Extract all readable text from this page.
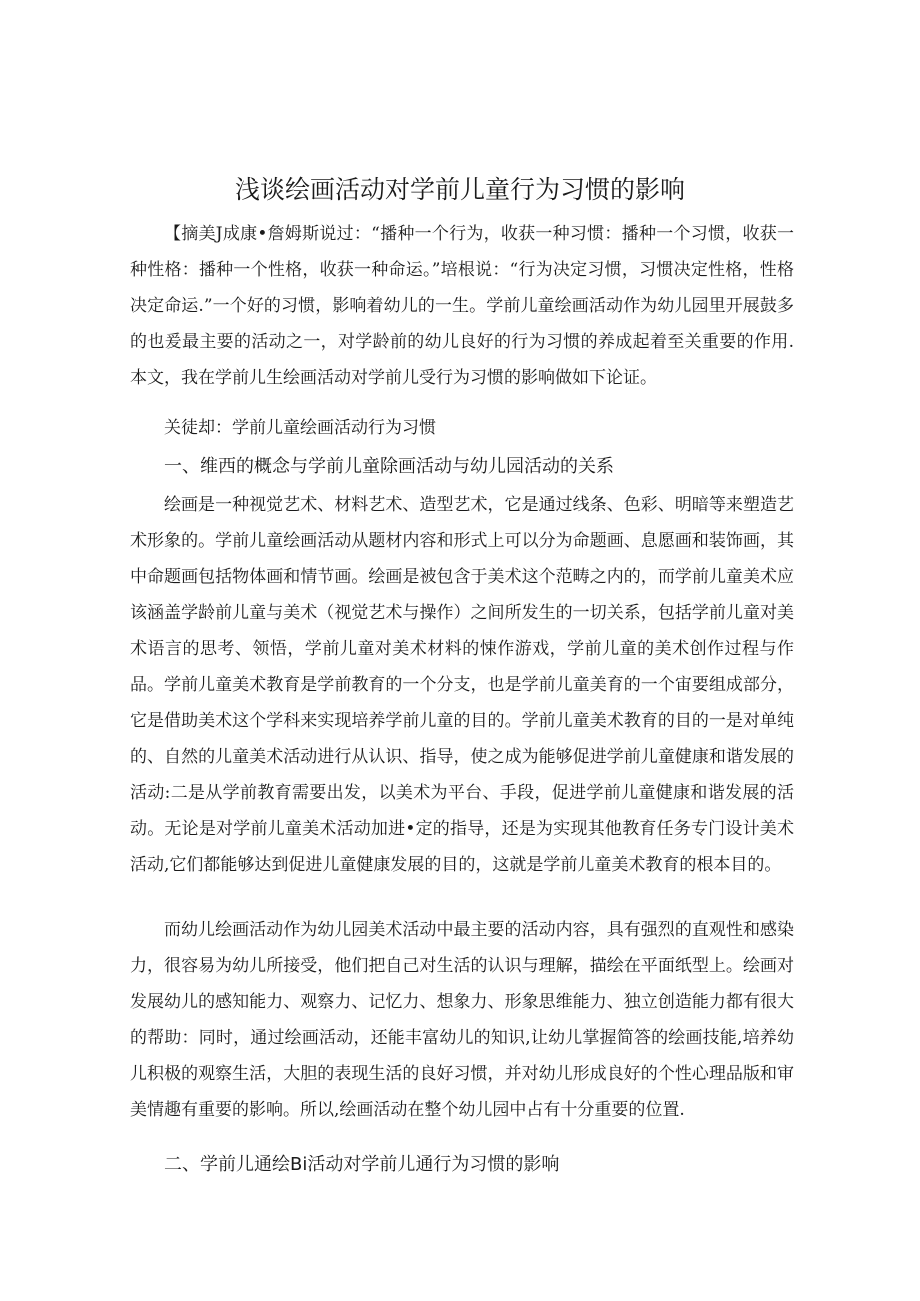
浅谈绘画活动对学前儿童行为习惯的影响

【摘美J成康•詹姆斯说过：“播种一个行为，收获一种习惯：播种一个习惯，收获一种性格：播种一个性格，收获一种命运。”培根说：“行为决定习惯，习惯决定性格，性格决定命运.”一个好的习惯，影响着幼儿的一生。学前儿童绘画活动作为幼儿园里开展鼓多的也爰最主要的活动之一，对学龄前的幼儿良好的行为习惯的养成起着至关重要的作用.本文，我在学前儿生绘画活动对学前儿受行为习惯的影响做如下论证。

关徒却：学前儿童绘画活动行为习惯

一、维西的概念与学前儿童除画活动与幼儿园活动的关系

绘画是一种视觉艺术、材料艺术、造型艺术，它是通过线条、色彩、明暗等来塑造艺术形象的。学前儿童绘画活动从题材内容和形式上可以分为命题画、息愿画和装饰画，其中命题画包括物体画和情节画。绘画是被包含于美术这个范畴之内的，而学前儿童美术应该涵盖学龄前儿童与美术（视觉艺术与操作）之间所发生的一切关系，包括学前儿童对美术语言的思考、领悟，学前儿童对美术材料的悚作游戏，学前儿童的美术创作过程与作品。学前儿童美术教育是学前教育的一个分支，也是学前儿童美育的一个宙要组成部分，它是借助美术这个学科来实现培养学前儿童的目的。学前儿童美术教育的目的一是对单纯的、自然的儿童美术活动进行从认识、指导，使之成为能够促进学前儿童健康和谐发展的活动:二是从学前教育需要出发，以美术为平台、手段，促进学前儿童健康和谐发展的活动。无论是对学前儿童美术活动加进•定的指导，还是为实现其他教育任务专门设计美术活动,它们都能够达到促进儿童健康发展的目的，这就是学前儿童美术教育的根本目的。

而幼儿绘画活动作为幼儿园美术活动中最主要的活动内容，具有强烈的直观性和感染力，很容易为幼儿所接受，他们把自己对生活的认识与理解，描绘在平面纸型上。绘画对发展幼儿的感知能力、观察力、记忆力、想象力、形象思维能力、独立创造能力都有很大的帮助：同时，通过绘画活动，还能丰富幼儿的知识,让幼儿掌握简答的绘画技能,培养幼儿积极的观察生活，大胆的表现生活的良好习惯，并对幼儿形成良好的个性心理品版和审美情趣有重要的影响。所以,绘画活动在整个幼儿园中占有十分重要的位置.

二、学前儿通绘Bi活动对学前儿通行为习惯的影响
